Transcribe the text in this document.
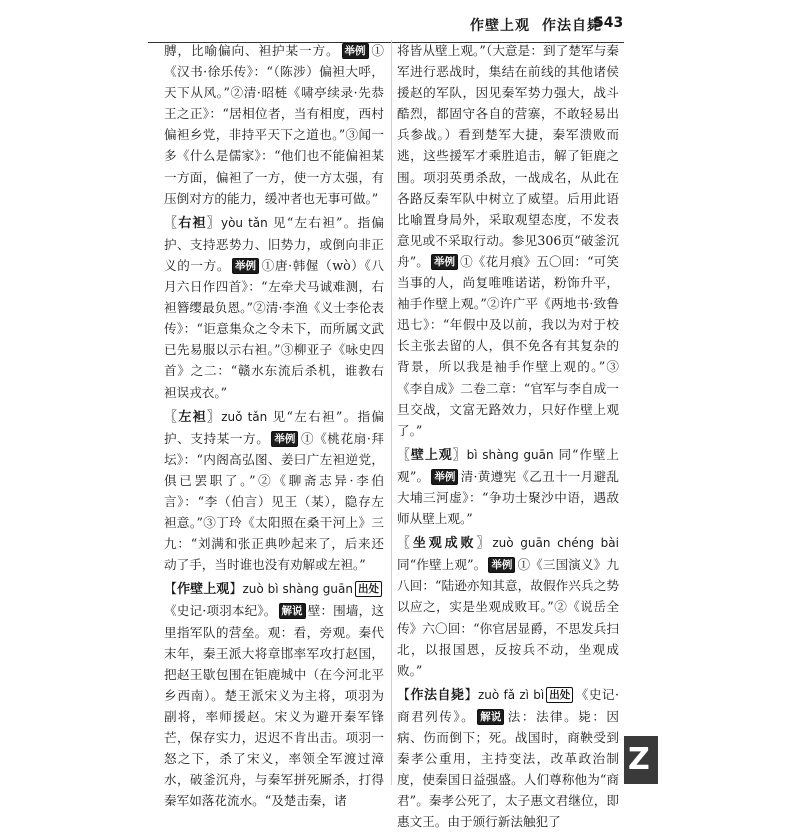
作壁上观 作法自毙
543

膊，比喻偏向、袒护某一方。 举例 ①《汉书·徐乐传》：“（陈涉）偏袒大呼，天下从风。”②清·昭梿《啸亭续录·先恭王之正》：“居相位者，当有相度，西村偏袒乡党，非持平天下之道也。”③闻一多《什么是儒家》：“他们也不能偏袒某一方面，偏袒了一方，使一方太强，有压倒对方的能力，缓冲者也无事可做。”

〖右袒〗yòu tǎn 见“左右袒”。指偏护、支持恶势力、旧势力，或倒向非正义的一方。 举例 ①唐·韩偓（wò）《八月六日作四首》：“左牵犬马诚难测，右袒簪缨最负恩。”②清·李渔《义士李伦表传》：“讵意集众之令未下，而所属文武已先易服以示右袒。”③柳亚子《咏史四首》之二：“赣水东流后杀机，谁教右袒误戎衣。”

〖左袒〗zuǒ tǎn 见“左右袒”。指偏护、支持某一方。 举例 ①《桃花扇·拜坛》：“内阁高弘图、姜曰广左袒逆党，俱已罢职了。”②《聊斋志异·李伯言》：“李（伯言）见王（某），隐存左袒意。”③丁玲《太阳照在桑干河上》三九：“刘满和张正典吵起来了，后来还动了手，当时谁也没有劝解或左袒。”

【作壁上观】zuò bì shàng guān 出处《史记·项羽本纪》。 解说 壁：围墙，这里指军队的营垒。观：看，旁观。秦代末年，秦王派大将章邯率军攻打赵国，把赵王歇包围在钜鹿城中（在今河北平乡西南）。楚王派宋义为主将，项羽为副将，率师援赵。宋义为避开秦军锋芒，保存实力，迟迟不肯出击。项羽一怒之下，杀了宋义，率领全军渡过漳水，破釜沉舟，与秦军拼死厮杀，打得秦军如落花流水。“及楚击秦，诸

将皆从壁上观。”（大意是：到了楚军与秦军进行恶战时，集结在前线的其他诸侯援赵的军队，因见秦军势力强大，战斗酷烈，都固守各自的营寨，不敢轻易出兵参战。）看到楚军大捷，秦军溃败而逃，这些援军才乘胜追击，解了钜鹿之围。项羽英勇杀敌，一战成名，从此在各路反秦军队中树立了威望。后用此语比喻置身局外，采取观望态度，不发表意见或不采取行动。参见306页“破釜沉舟”。 举例 ①《花月痕》五〇回：“可笑当事的人，尚复唯唯诺诺，粉饰升平，袖手作壁上观。”②许广平《两地书·致鲁迅七》：“年假中及以前，我以为对于校长主张去留的人，俱不免各有其复杂的背景，所以我是袖手作壁上观的。”③《李自成》二卷二章：“官军与李自成一旦交战，文富无路效力，只好作壁上观了。”

〖壁上观〗bì shàng guān 同“作壁上观”。 举例 清·黄遵宪《乙丑十一月避乱大埔三河虚》：“争功士聚沙中语，遇敌师从壁上观。”

〖坐观成败〗zuò guān chéng bài 同“作壁上观”。 举例 ①《三国演义》九八回：“陆逊亦知其意，故假作兴兵之势以应之，实是坐观成败耳。”②《说岳全传》六〇回：“你官居显爵，不思发兵扫北，以报国恩，反按兵不动，坐观成败。”

【作法自毙】zuò fǎ zì bì 出处 《史记·商君列传》。 解说 法：法律。毙：因病、伤而倒下；死。战国时，商鞅受到秦孝公重用，主持变法，改革政治制度，使秦国日益强盛。人们尊称他为“商君”。秦孝公死了，太子惠文君继位，即惠文王。由于颁行新法触犯了

Z
